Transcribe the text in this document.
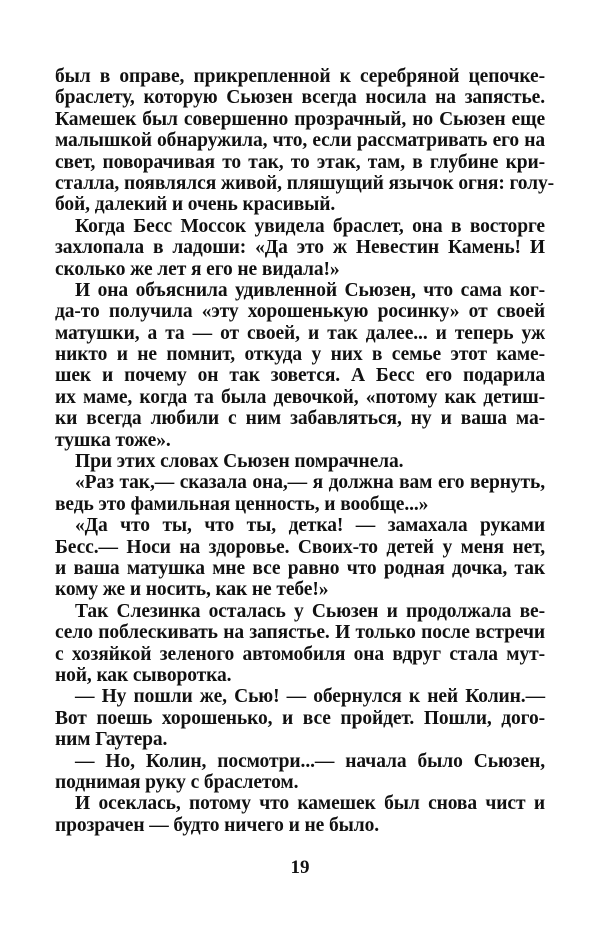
был в оправе, прикрепленной к серебряной цепочке-
браслету, которую Сьюзен всегда носила на запястье.
Камешек был совершенно прозрачный, но Сьюзен еще
малышкой обнаружила, что, если рассматривать его на
свет, поворачивая то так, то этак, там, в глубине кри-
сталла, появлялся живой, пляшущий язычок огня: голу-
бой, далекий и очень красивый.
Когда Бесс Моссок увидела браслет, она в восторге
захлопала в ладоши: «Да это ж Невестин Камень! И
сколько же лет я его не видала!»
И она объяснила удивленной Сьюзен, что сама ког-
да-то получила «эту хорошенькую росинку» от своей
матушки, а та — от своей, и так далее... и теперь уж
никто и не помнит, откуда у них в семье этот каме-
шек и почему он так зовется. А Бесс его подарила
их маме, когда та была девочкой, «потому как детиш-
ки всегда любили с ним забавляться, ну и ваша ма-
тушка тоже».
При этих словах Сьюзен помрачнела.
«Раз так,— сказала она,— я должна вам его вернуть,
ведь это фамильная ценность, и вообще...»
«Да что ты, что ты, детка! — замахала руками
Бесс.— Носи на здоровье. Своих-то детей у меня нет,
и ваша матушка мне все равно что родная дочка, так
кому же и носить, как не тебе!»
Так Слезинка осталась у Сьюзен и продолжала ве-
село поблескивать на запястье. И только после встречи
с хозяйкой зеленого автомобиля она вдруг стала мут-
ной, как сыворотка.
— Ну пошли же, Сью! — обернулся к ней Колин.—
Вот поешь хорошенько, и все пройдет. Пошли, дого-
ним Гаутера.
— Но, Колин, посмотри...— начала было Сьюзен,
поднимая руку с браслетом.
И осеклась, потому что камешек был снова чист и
прозрачен — будто ничего и не было.
19
